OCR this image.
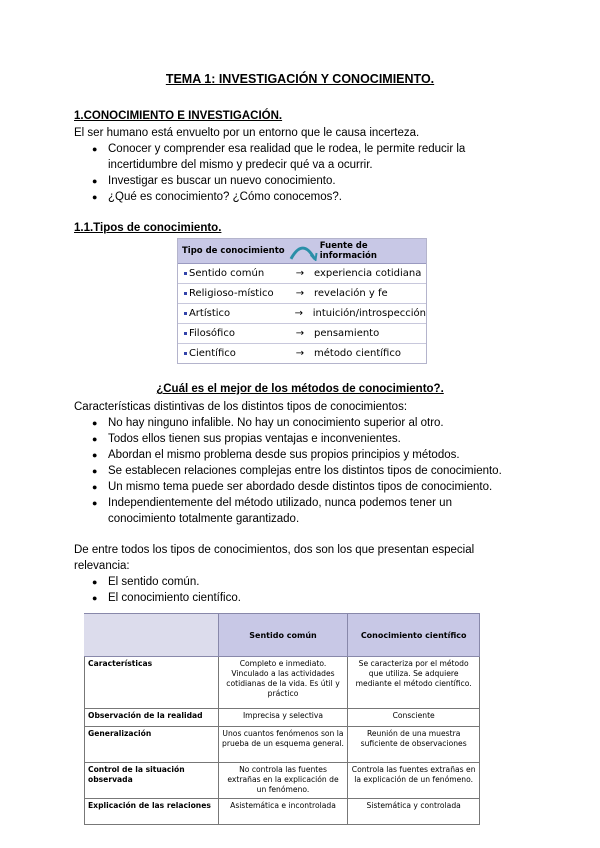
TEMA 1: INVESTIGACIÓN Y CONOCIMIENTO.
1.CONOCIMIENTO E INVESTIGACIÓN.
El ser humano está envuelto por un entorno que le causa incerteza.
● Conocer y comprender esa realidad que le rodea, le permite reducir la incertidumbre del mismo y predecir qué va a ocurrir.
● Investigar es buscar un nuevo conocimiento.
● ¿Qué es conocimiento? ¿Cómo conocemos?.
1.1.Tipos de conocimiento.
Tipo de conocimiento	Fuente de información
Sentido común	→ experiencia cotidiana
Religioso-místico	→ revelación y fe
Artístico	→ intuición/introspección
Filosófico	→ pensamiento
Científico	→ método científico
¿Cuál es el mejor de los métodos de conocimiento?.
Características distintivas de los distintos tipos de conocimientos:
● No hay ninguno infalible. No hay un conocimiento superior al otro.
● Todos ellos tienen sus propias ventajas e inconvenientes.
● Abordan el mismo problema desde sus propios principios y métodos.
● Se establecen relaciones complejas entre los distintos tipos de conocimiento.
● Un mismo tema puede ser abordado desde distintos tipos de conocimiento.
● Independientemente del método utilizado, nunca podemos tener un conocimiento totalmente garantizado.
De entre todos los tipos de conocimientos, dos son los que presentan especial relevancia:
● El sentido común.
● El conocimiento científico.
	Sentido común	Conocimiento científico
Características	Completo e inmediato. Vinculado a las actividades cotidianas de la vida. Es útil y práctico	Se caracteriza por el método que utiliza. Se adquiere mediante el método científico.
Observación de la realidad	Imprecisa y selectiva	Consciente
Generalización	Unos cuantos fenómenos son la prueba de un esquema general.	Reunión de una muestra suficiente de observaciones
Control de la situación observada	No controla las fuentes extrañas en la explicación de un fenómeno.	Controla las fuentes extrañas en la explicación de un fenómeno.
Explicación de las relaciones	Asistemática e incontrolada	Sistemática y controlada
